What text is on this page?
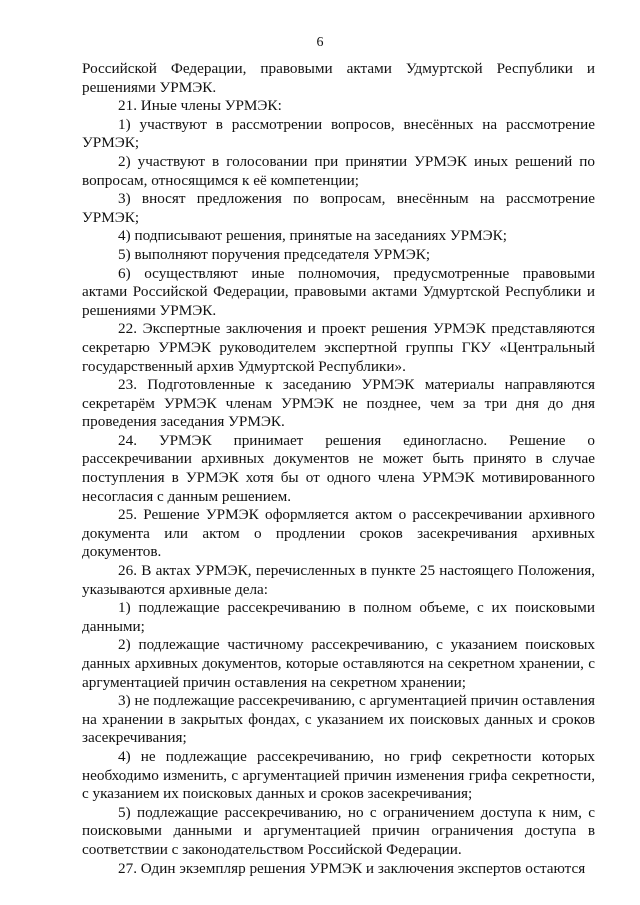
6

Российской Федерации, правовыми актами Удмуртской Республики и решениями УРМЭК.

21. Иные члены УРМЭК:

1) участвуют в рассмотрении вопросов, внесённых на рассмотрение УРМЭК;

2) участвуют в голосовании при принятии УРМЭК иных решений по вопросам, относящимся к её компетенции;

3) вносят предложения по вопросам, внесённым на рассмотрение УРМЭК;

4) подписывают решения, принятые на заседаниях УРМЭК;

5) выполняют поручения председателя УРМЭК;

6) осуществляют иные полномочия, предусмотренные правовыми актами Российской Федерации, правовыми актами Удмуртской Республики и решениями УРМЭК.

22. Экспертные заключения и проект решения УРМЭК представляются секретарю УРМЭК руководителем экспертной группы ГКУ «Центральный государственный архив Удмуртской Республики».

23. Подготовленные к заседанию УРМЭК материалы направляются секретарём УРМЭК членам УРМЭК не позднее, чем за три дня до дня проведения заседания УРМЭК.

24. УРМЭК принимает решения единогласно. Решение о рассекречивании архивных документов не может быть принято в случае поступления в УРМЭК хотя бы от одного члена УРМЭК мотивированного несогласия с данным решением.

25. Решение УРМЭК оформляется актом о рассекречивании архивного документа или актом о продлении сроков засекречивания архивных документов.

26. В актах УРМЭК, перечисленных в пункте 25 настоящего Положения, указываются архивные дела:

1) подлежащие рассекречиванию в полном объеме, с их поисковыми данными;

2) подлежащие частичному рассекречиванию, с указанием поисковых данных архивных документов, которые оставляются на секретном хранении, с аргументацией причин оставления на секретном хранении;

3) не подлежащие рассекречиванию, с аргументацией причин оставления на хранении в закрытых фондах, с указанием их поисковых данных и сроков засекречивания;

4) не подлежащие рассекречиванию, но гриф секретности которых необходимо изменить, с аргументацией причин изменения грифа секретности, с указанием их поисковых данных и сроков засекречивания;

5) подлежащие рассекречиванию, но с ограничением доступа к ним, с поисковыми данными и аргументацией причин ограничения доступа в соответствии с законодательством Российской Федерации.

27. Один экземпляр решения УРМЭК и заключения экспертов остаются
